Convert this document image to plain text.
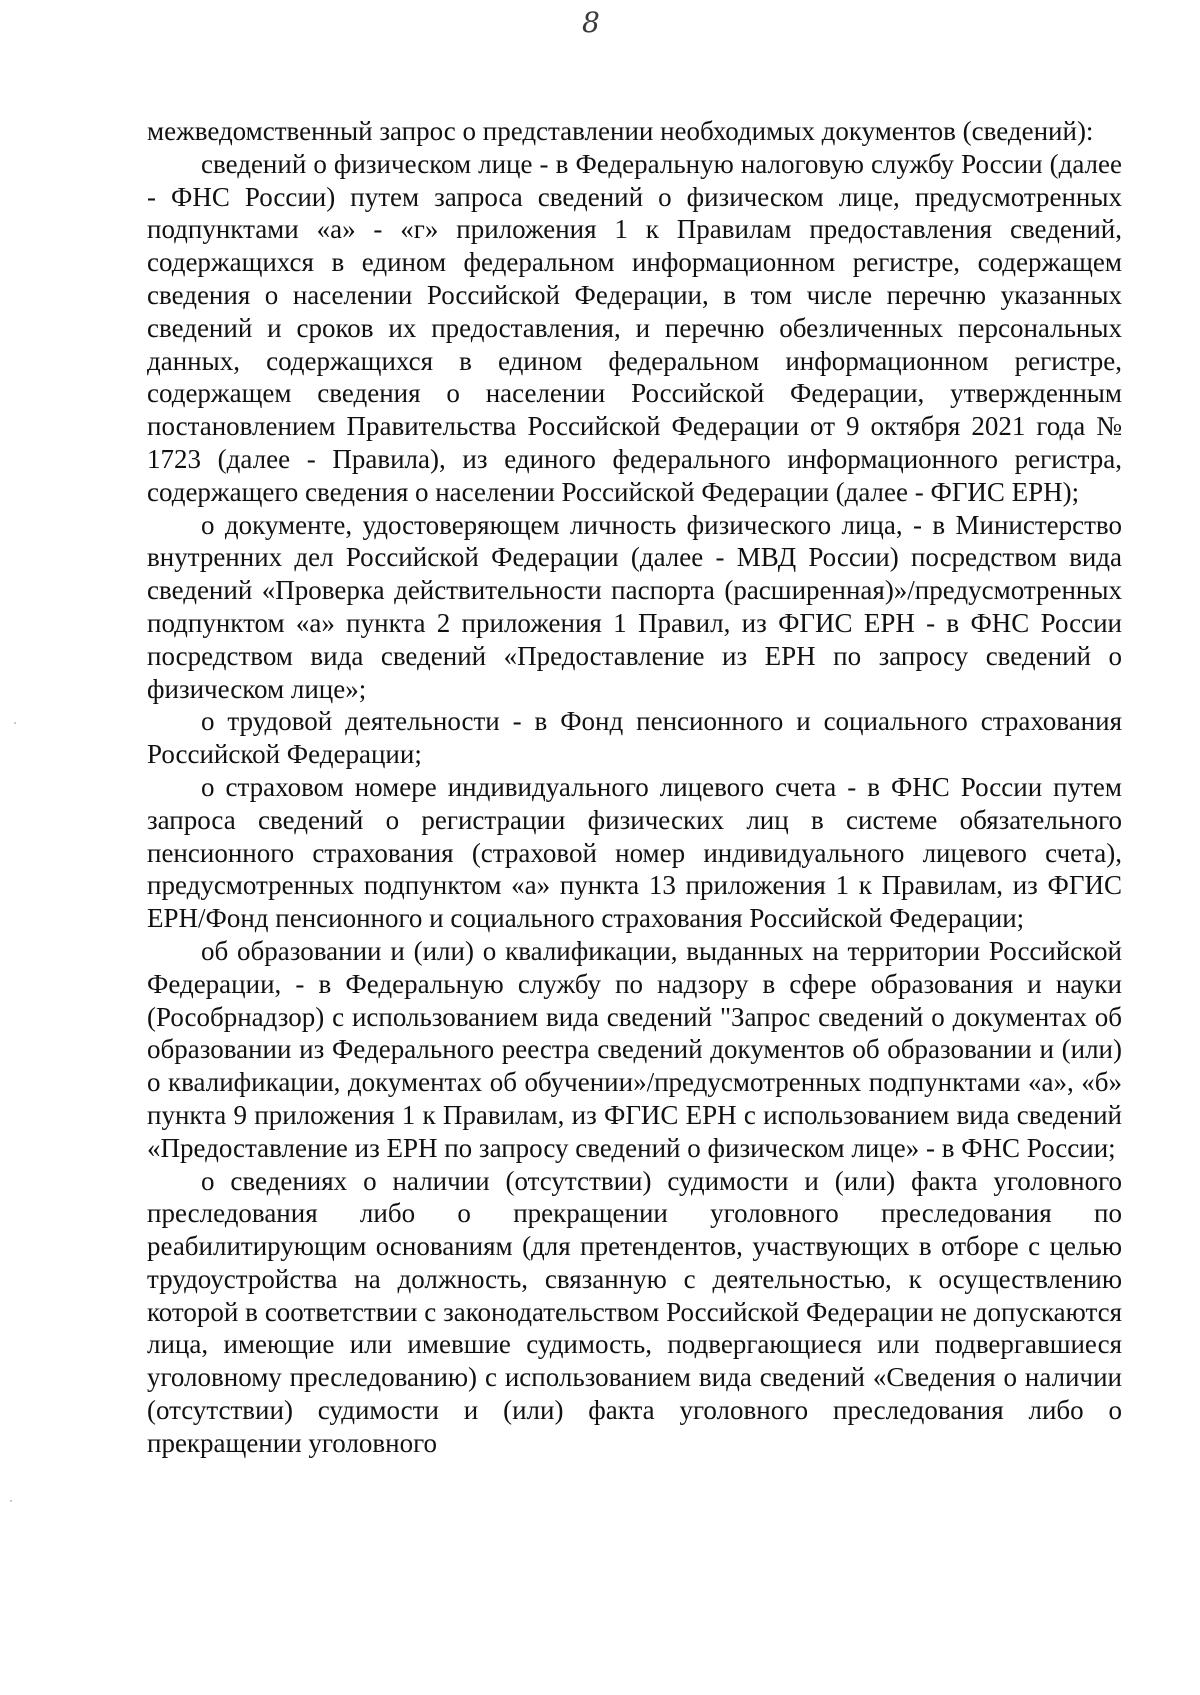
8

межведомственный запрос о представлении необходимых документов (сведений):

сведений о физическом лице - в Федеральную налоговую службу России (далее - ФНС России) путем запроса сведений о физическом лице, предусмотренных подпунктами «а» - «г» приложения 1 к Правилам предоставления сведений, содержащихся в едином федеральном информационном регистре, содержащем сведения о населении Российской Федерации, в том числе перечню указанных сведений и сроков их предоставления, и перечню обезличенных персональных данных, содержащихся в едином федеральном информационном регистре, содержащем сведения о населении Российской Федерации, утвержденным постановлением Правительства Российской Федерации от 9 октября 2021 года № 1723 (далее - Правила), из единого федерального информационного регистра, содержащего сведения о населении Российской Федерации (далее - ФГИС ЕРН);

о документе, удостоверяющем личность физического лица, - в Министерство внутренних дел Российской Федерации (далее - МВД России) посредством вида сведений «Проверка действительности паспорта (расширенная)»/предусмотренных подпунктом «а» пункта 2 приложения 1 Правил, из ФГИС ЕРН - в ФНС России посредством вида сведений «Предоставление из ЕРН по запросу сведений о физическом лице»;

о трудовой деятельности - в Фонд пенсионного и социального страхования Российской Федерации;

о страховом номере индивидуального лицевого счета - в ФНС России путем запроса сведений о регистрации физических лиц в системе обязательного пенсионного страхования (страховой номер индивидуального лицевого счета), предусмотренных подпунктом «а» пункта 13 приложения 1 к Правилам, из ФГИС ЕРН/Фонд пенсионного и социального страхования Российской Федерации;

об образовании и (или) о квалификации, выданных на территории Российской Федерации, - в Федеральную службу по надзору в сфере образования и науки (Рособрнадзор) с использованием вида сведений "Запрос сведений о документах об образовании из Федерального реестра сведений документов об образовании и (или) о квалификации, документах об обучении»/предусмотренных подпунктами «а», «б» пункта 9 приложения 1 к Правилам, из ФГИС ЕРН с использованием вида сведений «Предоставление из ЕРН по запросу сведений о физическом лице» - в ФНС России;

о сведениях о наличии (отсутствии) судимости и (или) факта уголовного преследования либо о прекращении уголовного преследования по реабилитирующим основаниям (для претендентов, участвующих в отборе с целью трудоустройства на должность, связанную с деятельностью, к осуществлению которой в соответствии с законодательством Российской Федерации не допускаются лица, имеющие или имевшие судимость, подвергающиеся или подвергавшиеся уголовному преследованию) с использованием вида сведений «Сведения о наличии (отсутствии) судимости и (или) факта уголовного преследования либо о прекращении уголовного
